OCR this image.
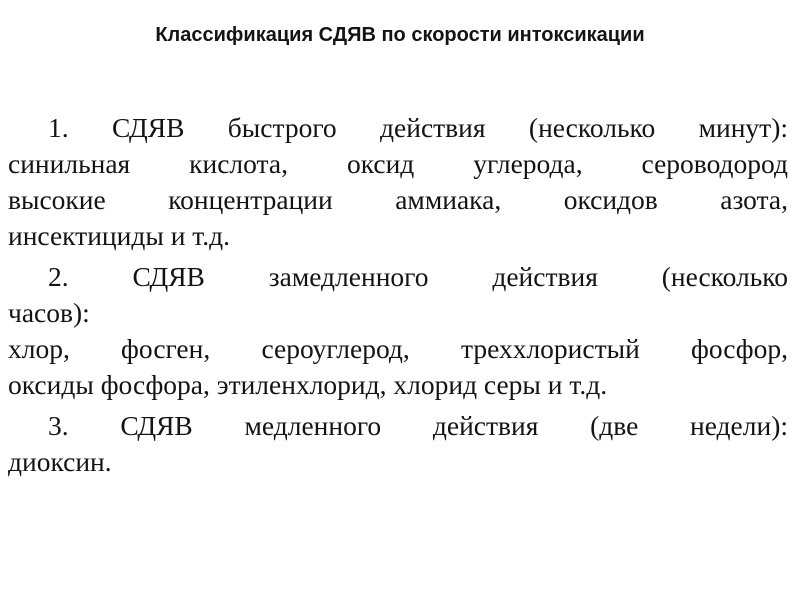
Классификация СДЯВ по скорости интоксикации
1. СДЯВ быстрого действия (несколько минут):
синильная кислота, оксид углерода, сероводород
высокие концентрации аммиака, оксидов азота,
инсектициды и т.д.
2. СДЯВ замедленного действия (несколько
часов):
хлор, фосген, сероуглерод, треххлористый фосфор,
оксиды фосфора, этиленхлорид, хлорид серы и т.д.
3. СДЯВ медленного действия (две недели):
диоксин.
